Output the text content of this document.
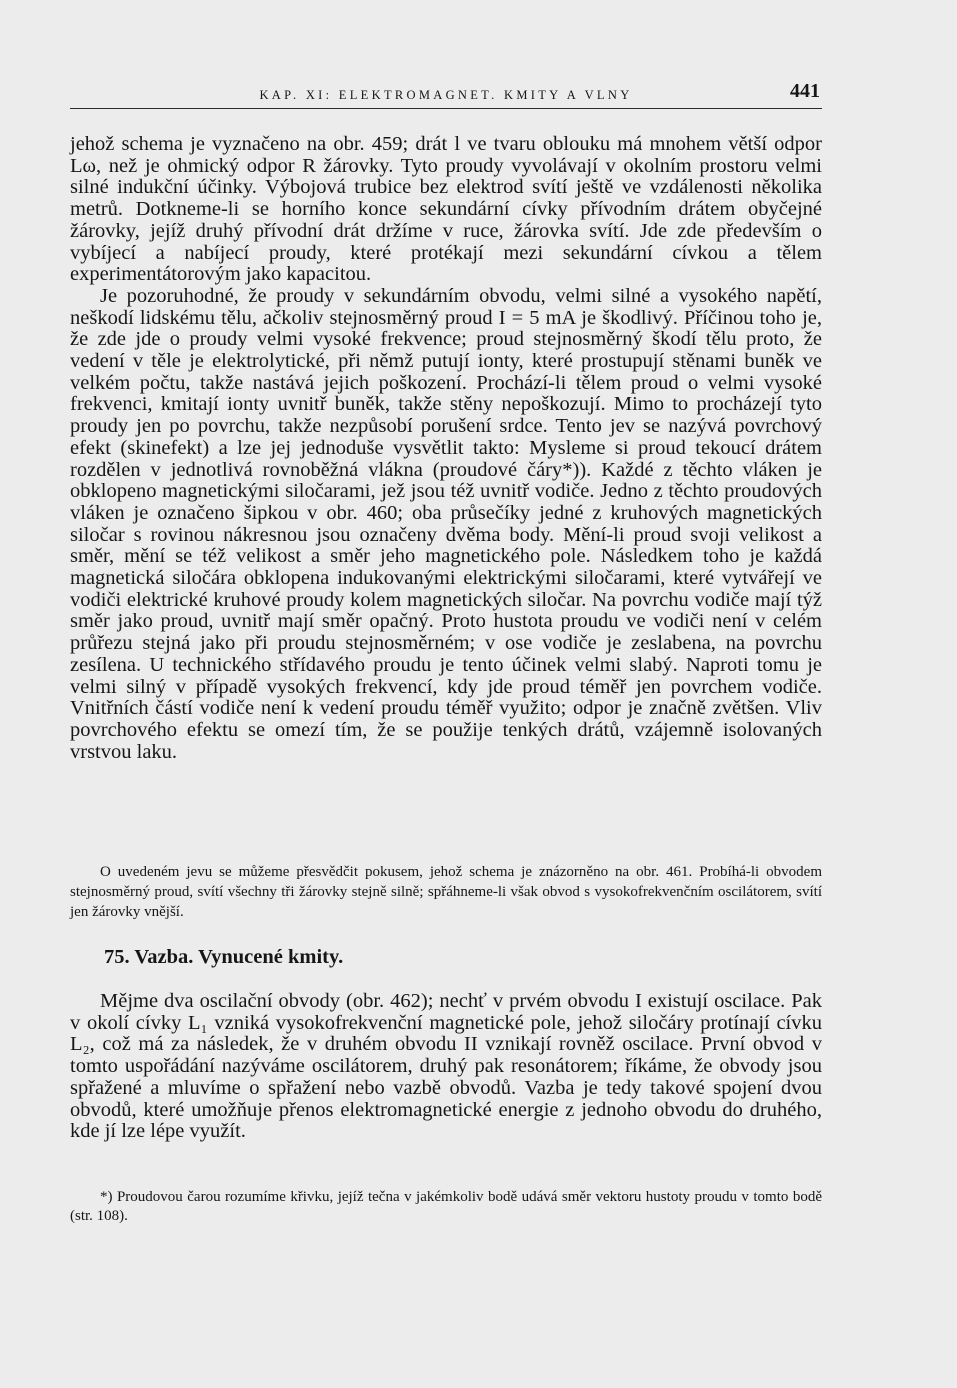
KAP. XI: ELEKTROMAGNET. KMITY A VLNY	441

jehož schema je vyznačeno na obr. 459; drát l ve tvaru oblouku má mnohem větší odpor Lω, než je ohmický odpor R žárovky. Tyto proudy vyvolávají v okolním prostoru velmi silné indukční účinky. Výbojová trubice bez elektrod svítí ještě ve vzdálenosti několika metrů. Dotkneme-li se horního konce sekundární cívky přívodním drátem obyčejné žárovky, jejíž druhý přívodní drát držíme v ruce, žárovka svítí. Jde zde především o vybíjecí a nabíjecí proudy, které protékají mezi sekundární cívkou a tělem experimentátorovým jako kapacitou.

Je pozoruhodné, že proudy v sekundárním obvodu, velmi silné a vysokého napětí, neškodí lidskému tělu, ačkoliv stejnosměrný proud I = 5 mA je škodlivý. Příčinou toho je, že zde jde o proudy velmi vysoké frekvence; proud stejnosměrný škodí tělu proto, že vedení v těle je elektrolytické, při němž putují ionty, které prostupují stěnami buněk ve velkém počtu, takže nastává jejich poškození. Prochází-li tělem proud o velmi vysoké frekvenci, kmitají ionty uvnitř buněk, takže stěny nepoškozují. Mimo to procházejí tyto proudy jen po povrchu, takže nezpůsobí porušení srdce. Tento jev se nazývá povrchový efekt (skinefekt) a lze jej jednoduše vysvětlit takto: Mysleme si proud tekoucí drátem rozdělen v jednotlivá rovnoběžná vlákna (proudové čáry*)). Každé z těchto vláken je obklopeno magnetickými siločarami, jež jsou též uvnitř vodiče. Jedno z těchto proudových vláken je označeno šipkou v obr. 460; oba průsečíky jedné z kruhových magnetických siločar s rovinou nákresnou jsou označeny dvěma body. Mění-li proud svoji velikost a směr, mění se též velikost a směr jeho magnetického pole. Následkem toho je každá magnetická siločára obklopena indukovanými elektrickými siločarami, které vytvářejí ve vodiči elektrické kruhové proudy kolem magnetických siločar. Na povrchu vodiče mají týž směr jako proud, uvnitř mají směr opačný. Proto hustota proudu ve vodiči není v celém průřezu stejná jako při proudu stejnosměrném; v ose vodiče je zeslabena, na povrchu zesílena. U technického střídavého proudu je tento účinek velmi slabý. Naproti tomu je velmi silný v případě vysokých frekvencí, kdy jde proud téměř jen povrchem vodiče. Vnitřních částí vodiče není k vedení proudu téměř využito; odpor je značně zvětšen. Vliv povrchového efektu se omezí tím, že se použije tenkých drátů, vzájemně isolovaných vrstvou laku.

O uvedeném jevu se můžeme přesvědčit pokusem, jehož schema je znázorněno na obr. 461. Probíhá-li obvodem stejnosměrný proud, svítí všechny tři žárovky stejně silně; spřáhneme-li však obvod s vysokofrekvenčním oscilátorem, svítí jen žárovky vnější.

75. Vazba. Vynucené kmity.

Mějme dva oscilační obvody (obr. 462); nechť v prvém obvodu I existují oscilace. Pak v okolí cívky L₁ vzniká vysokofrekvenční magnetické pole, jehož siločáry protínají cívku L₂, což má za následek, že v druhém obvodu II vznikají rovněž oscilace. První obvod v tomto uspořádání nazýváme oscilátorem, druhý pak resonátorem; říkáme, že obvody jsou spřažené a mluvíme o spřažení nebo vazbě obvodů. Vazba je tedy takové spojení dvou obvodů, které umožňuje přenos elektromagnetické energie z jednoho obvodu do druhého, kde jí lze lépe využít.

*) Proudovou čarou rozumíme křivku, jejíž tečna v jakémkoliv bodě udává směr vektoru hustoty proudu v tomto bodě (str. 108).
